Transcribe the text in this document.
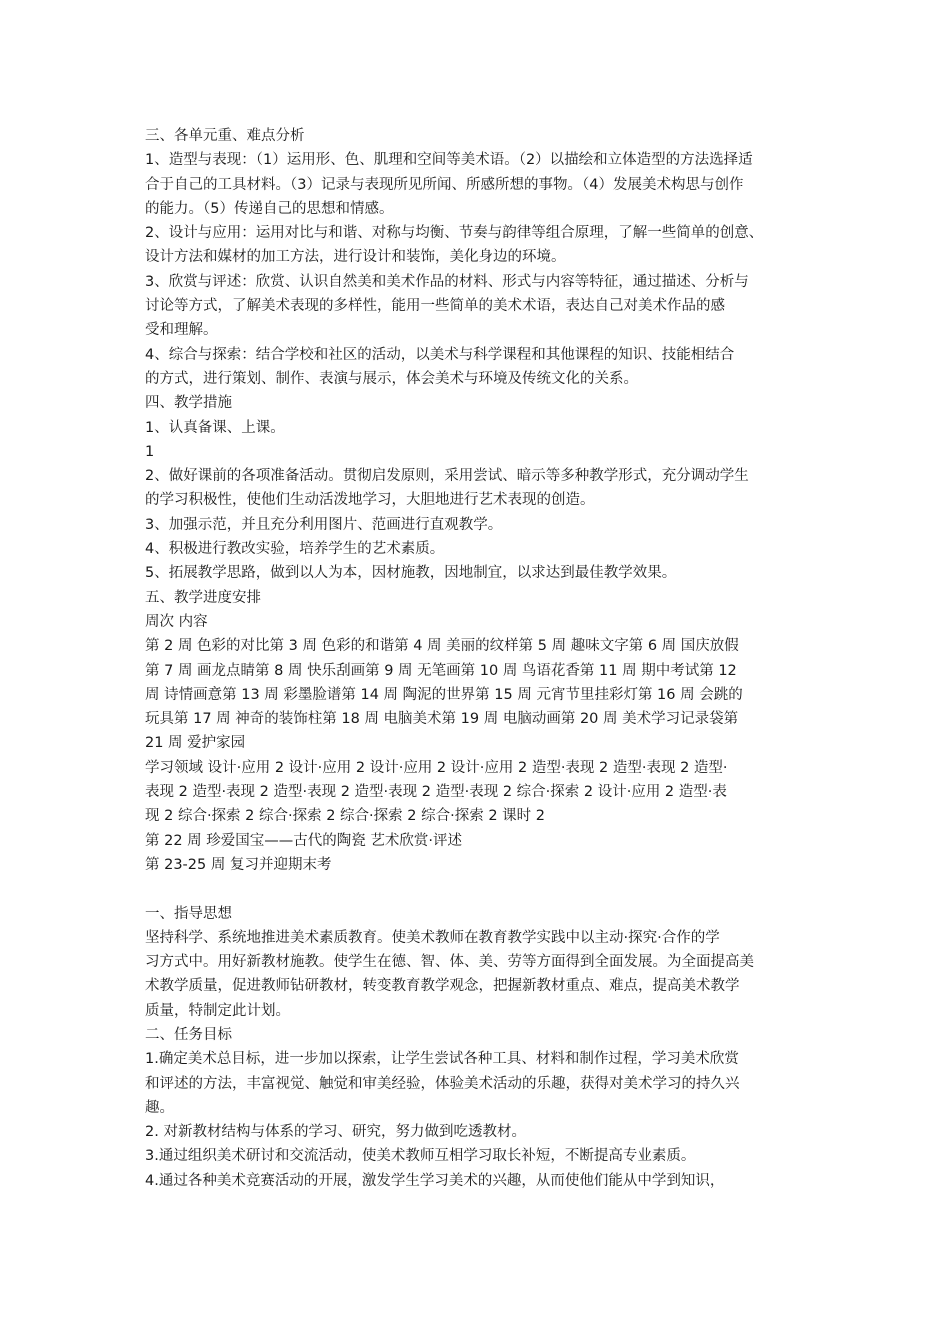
三、各单元重、难点分析
1、造型与表现：（1）运用形、色、肌理和空间等美术语。（2）以描绘和立体造型的方法选择适
合于自己的工具材料。（3）记录与表现所见所闻、所感所想的事物。（4）发展美术构思与创作
的能力。（5）传递自己的思想和情感。
2、设计与应用：运用对比与和谐、对称与均衡、节奏与韵律等组合原理，了解一些简单的创意、
设计方法和媒材的加工方法，进行设计和装饰，美化身边的环境。
3、欣赏与评述：欣赏、认识自然美和美术作品的材料、形式与内容等特征，通过描述、分析与
讨论等方式，了解美术表现的多样性，能用一些简单的美术术语，表达自己对美术作品的感
受和理解。
4、综合与探索：结合学校和社区的活动，以美术与科学课程和其他课程的知识、技能相结合
的方式，进行策划、制作、表演与展示，体会美术与环境及传统文化的关系。
四、教学措施
1、认真备课、上课。
1
2、做好课前的各项准备活动。贯彻启发原则，采用尝试、暗示等多种教学形式，充分调动学生
的学习积极性，使他们生动活泼地学习，大胆地进行艺术表现的创造。
3、加强示范，并且充分利用图片、范画进行直观教学。
4、积极进行教改实验，培养学生的艺术素质。
5、拓展教学思路，做到以人为本，因材施教，因地制宜，以求达到最佳教学效果。
五、教学进度安排
周次 内容
第 2 周 色彩的对比第 3 周 色彩的和谐第 4 周 美丽的纹样第 5 周 趣味文字第 6 周 国庆放假
第 7 周 画龙点睛第 8 周 快乐刮画第 9 周 无笔画第 10 周 鸟语花香第 11 周 期中考试第 12
周 诗情画意第 13 周 彩墨脸谱第 14 周 陶泥的世界第 15 周 元宵节里挂彩灯第 16 周 会跳的
玩具第 17 周 神奇的装饰柱第 18 周 电脑美术第 19 周 电脑动画第 20 周 美术学习记录袋第
21 周 爱护家园
学习领域 设计·应用 2 设计·应用 2 设计·应用 2 设计·应用 2 造型·表现 2 造型·表现 2 造型·
表现 2 造型·表现 2 造型·表现 2 造型·表现 2 造型·表现 2 综合·探索 2 设计·应用 2 造型·表
现 2 综合·探索 2 综合·探索 2 综合·探索 2 综合·探索 2 课时 2
第 22 周 珍爱国宝——古代的陶瓷 艺术欣赏·评述
第 23-25 周 复习并迎期末考
一、指导思想
坚持科学、系统地推进美术素质教育。使美术教师在教育教学实践中以主动·探究·合作的学
习方式中。用好新教材施教。使学生在德、智、体、美、劳等方面得到全面发展。为全面提高美
术教学质量，促进教师钻研教材，转变教育教学观念，把握新教材重点、难点，提高美术教学
质量，特制定此计划。
二、任务目标
1.确定美术总目标，进一步加以探索，让学生尝试各种工具、材料和制作过程，学习美术欣赏
和评述的方法，丰富视觉、触觉和审美经验，体验美术活动的乐趣，获得对美术学习的持久兴
趣。
2. 对新教材结构与体系的学习、研究，努力做到吃透教材。
3.通过组织美术研讨和交流活动，使美术教师互相学习取长补短，不断提高专业素质。
4.通过各种美术竞赛活动的开展，激发学生学习美术的兴趣，从而使他们能从中学到知识，
